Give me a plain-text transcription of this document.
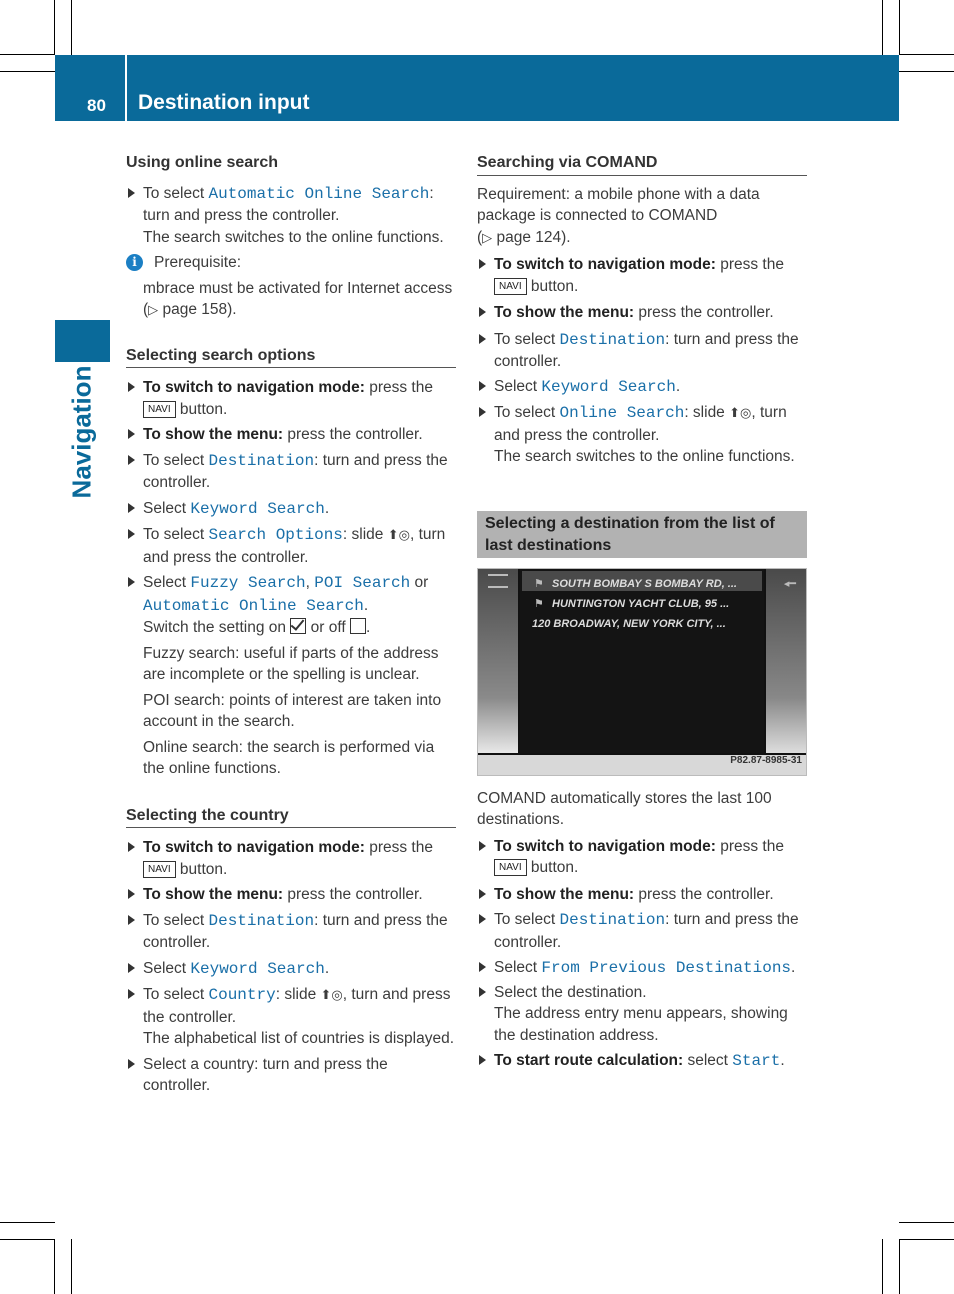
80 Destination input
Navigation
Using online search
To select Automatic Online Search:
turn and press the controller.
The search switches to the online functions.
i	Prerequisite:
mbrace must be activated for Internet access (▷ page 158).
Selecting search options
To switch to navigation mode: press the
NAVI button.
To show the menu: press the controller.
To select Destination: turn and press the controller.
Select Keyword Search.
To select Search Options: slide ⬆◎, turn and press the controller.
Select Fuzzy Search, POI Search or
Automatic Online Search.
Switch the setting on  or off .
Fuzzy search: useful if parts of the address are incomplete or the spelling is unclear.
POI search: points of interest are taken into account in the search.
Online search: the search is performed via the online functions.
Selecting the country
To switch to navigation mode: press the
NAVI button.
To show the menu: press the controller.
To select Destination: turn and press the controller.
Select Keyword Search.
To select Country: slide ⬆◎, turn and press the controller.
The alphabetical list of countries is displayed.
Select a country: turn and press the controller.
Searching via COMAND
Requirement: a mobile phone with a data package is connected to COMAND
(▷ page 124).
To switch to navigation mode: press the
NAVI button.
To show the menu: press the controller.
To select Destination: turn and press the controller.
Select Keyword Search.
To select Online Search: slide ⬆◎, turn and press the controller.
The search switches to the online functions.
Selecting a destination from the list of last destinations
◂━
⚑
⚑
SOUTH BOMBAY S BOMBAY RD, ...
HUNTINGTON YACHT CLUB, 95 ...
120 BROADWAY, NEW YORK CITY, ...
P82.87-8985-31
COMAND automatically stores the last 100 destinations.
To switch to navigation mode: press the
NAVI button.
To show the menu: press the controller.
To select Destination: turn and press the controller.
Select From Previous Destinations.
Select the destination.
The address entry menu appears, showing the destination address.
To start route calculation: select Start.
